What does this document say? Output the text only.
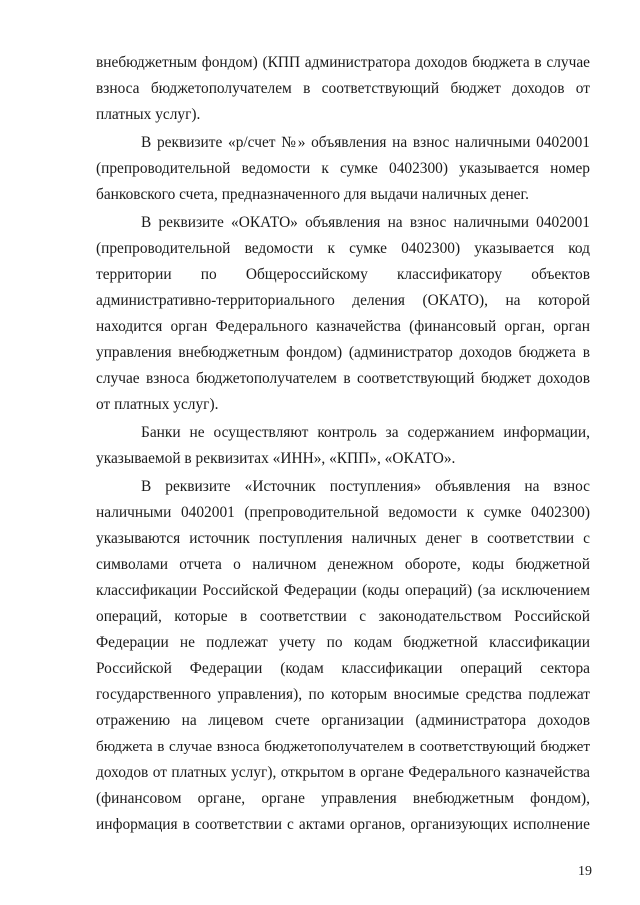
внебюджетным фондом) (КПП администратора доходов бюджета в случае
взноса бюджетополучателем в соответствующий бюджет доходов от
платных услуг).
В реквизите «р/счет №» объявления на взнос наличными 0402001
(препроводительной ведомости к сумке 0402300) указывается номер
банковского счета, предназначенного для выдачи наличных денег.
В реквизите «ОКАТО» объявления на взнос наличными 0402001
(препроводительной ведомости к сумке 0402300) указывается код
территории по Общероссийскому классификатору объектов
административно-территориального деления (ОКАТО), на которой
находится орган Федерального казначейства (финансовый орган, орган
управления внебюджетным фондом) (администратор доходов бюджета в
случае взноса бюджетополучателем в соответствующий бюджет доходов
от платных услуг).
Банки не осуществляют контроль за содержанием информации,
указываемой в реквизитах «ИНН», «КПП», «ОКАТО».
В реквизите «Источник поступления» объявления на взнос
наличными 0402001 (препроводительной ведомости к сумке 0402300)
указываются источник поступления наличных денег в соответствии с
символами отчета о наличном денежном обороте, коды бюджетной
классификации Российской Федерации (коды операций) (за исключением
операций, которые в соответствии с законодательством Российской
Федерации не подлежат учету по кодам бюджетной классификации
Российской Федерации (кодам классификации операций сектора
государственного управления), по которым вносимые средства подлежат
отражению на лицевом счете организации (администратора доходов
бюджета в случае взноса бюджетополучателем в соответствующий бюджет
доходов от платных услуг), открытом в органе Федерального казначейства
(финансовом органе, органе управления внебюджетным фондом),
информация в соответствии с актами органов, организующих исполнение
19
